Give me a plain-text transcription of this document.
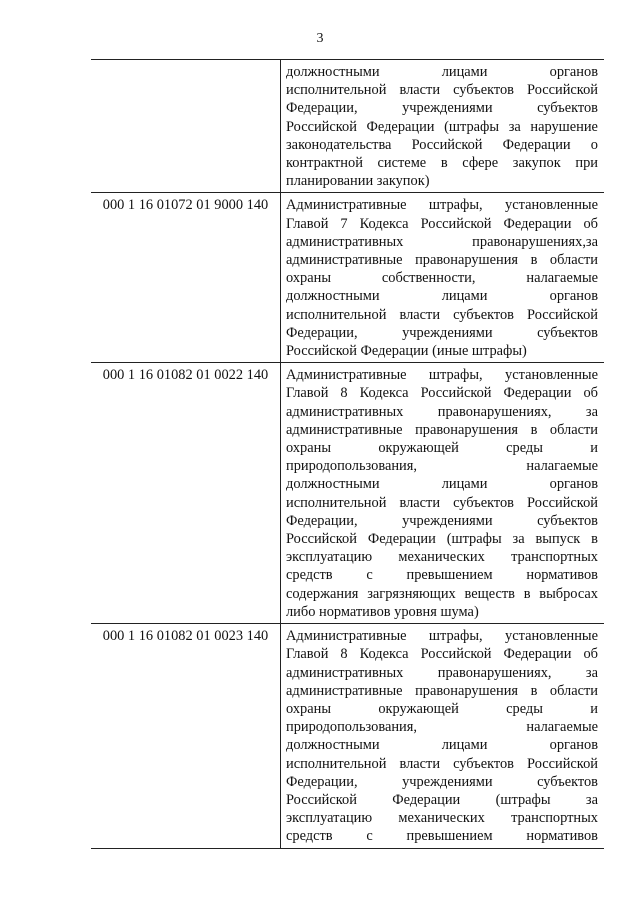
3
должностными	лицами	органов
исполнительной власти субъектов Российской
Федерации,	учреждениями	субъектов
Российской Федерации (штрафы за нарушение
законодательства Российской Федерации о
контрактной системе в сфере закупок при
планировании закупок)
000 1 16 01072 01 9000 140	Административные штрафы, установленные
Главой 7 Кодекса Российской Федерации об
административных	правонарушениях,за
административные правонарушения в области
охраны	собственности,	налагаемые
должностными	лицами	органов
исполнительной власти субъектов Российской
Федерации,	учреждениями	субъектов
Российской Федерации (иные штрафы)
000 1 16 01082 01 0022 140	Административные штрафы, установленные
Главой 8 Кодекса Российской Федерации об
административных правонарушениях, за
административные правонарушения в области
охраны	окружающей	среды	и
природопользования,	налагаемые
должностными	лицами	органов
исполнительной власти субъектов Российской
Федерации,	учреждениями	субъектов
Российской Федерации (штрафы за выпуск в
эксплуатацию механических транспортных
средств с превышением нормативов
содержания загрязняющих веществ в выбросах
либо нормативов уровня шума)
000 1 16 01082 01 0023 140	Административные штрафы, установленные
Главой 8 Кодекса Российской Федерации об
административных правонарушениях, за
административные правонарушения в области
охраны	окружающей	среды	и
природопользования,	налагаемые
должностными	лицами	органов
исполнительной власти субъектов Российской
Федерации,	учреждениями	субъектов
Российской Федерации (штрафы за
эксплуатацию механических транспортных
средств с превышением нормативов
